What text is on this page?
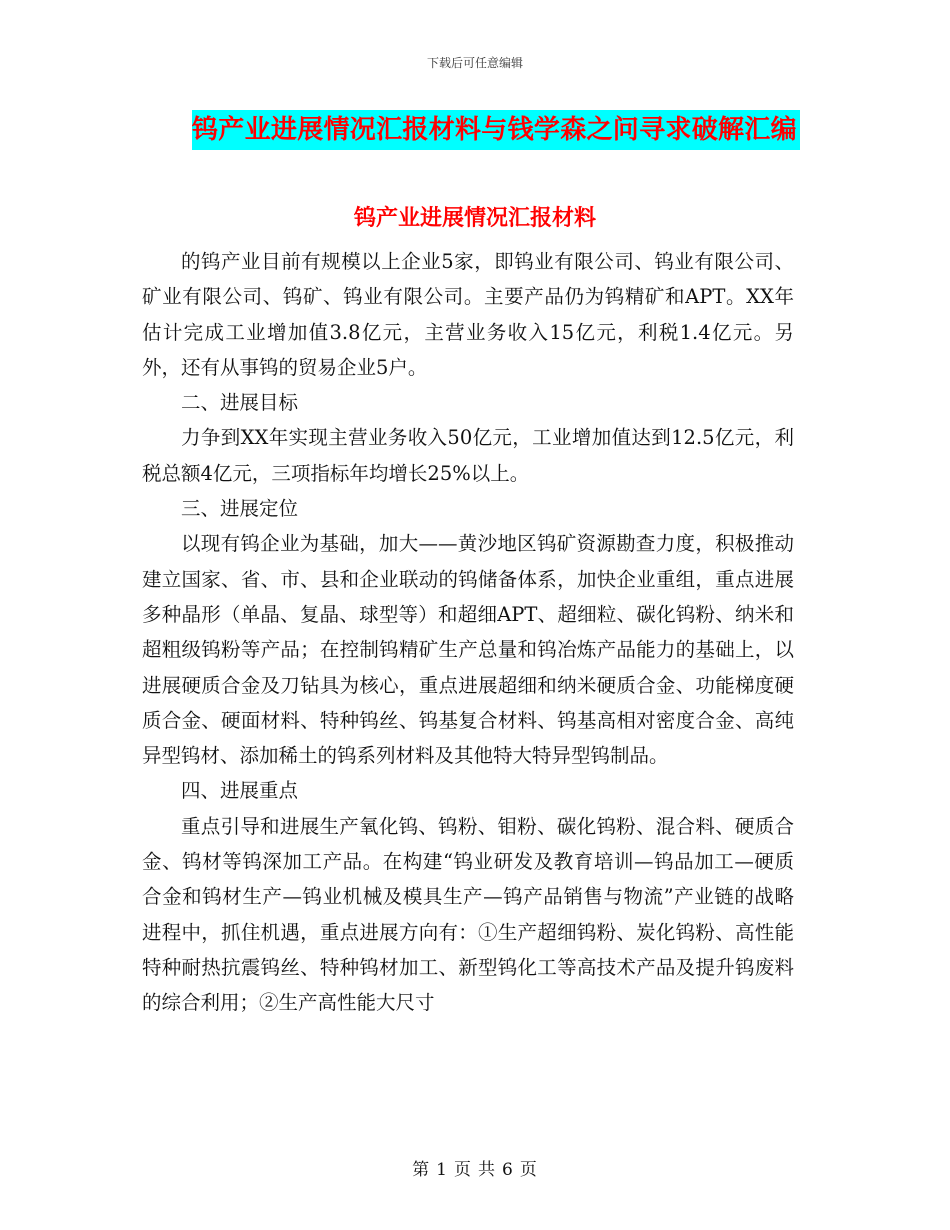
下载后可任意编辑
钨产业进展情况汇报材料与钱学森之问寻求破解汇编
钨产业进展情况汇报材料

的钨产业目前有规模以上企业5家，即钨业有限公司、钨业有限公司、矿业有限公司、钨矿、钨业有限公司。主要产品仍为钨精矿和APT。XX年估计完成工业增加值3.8亿元，主营业务收入15亿元，利税1.4亿元。另外，还有从事钨的贸易企业5户。

二、进展目标

力争到XX年实现主营业务收入50亿元，工业增加值达到12.5亿元，利税总额4亿元，三项指标年均增长25%以上。

三、进展定位

以现有钨企业为基础，加大——黄沙地区钨矿资源勘查力度，积极推动建立国家、省、市、县和企业联动的钨储备体系，加快企业重组，重点进展多种晶形（单晶、复晶、球型等）和超细APT、超细粒、碳化钨粉、纳米和超粗级钨粉等产品；在控制钨精矿生产总量和钨冶炼产品能力的基础上，以进展硬质合金及刀钻具为核心，重点进展超细和纳米硬质合金、功能梯度硬质合金、硬面材料、特种钨丝、钨基复合材料、钨基高相对密度合金、高纯异型钨材、添加稀土的钨系列材料及其他特大特异型钨制品。

四、进展重点

重点引导和进展生产氧化钨、钨粉、钼粉、碳化钨粉、混合料、硬质合金、钨材等钨深加工产品。在构建“钨业研发及教育培训—钨品加工—硬质合金和钨材生产—钨业机械及模具生产—钨产品销售与物流”产业链的战略进程中，抓住机遇，重点进展方向有：①生产超细钨粉、炭化钨粉、高性能特种耐热抗震钨丝、特种钨材加工、新型钨化工等高技术产品及提升钨废料的综合利用；②生产高性能大尺寸

第 1 页 共 6 页
